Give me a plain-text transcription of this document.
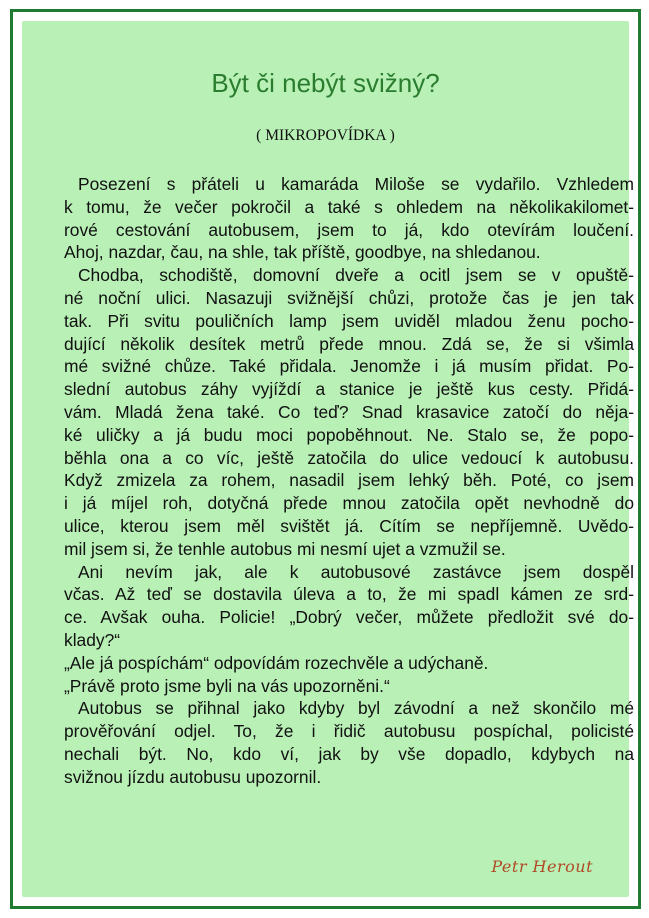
Být či nebýt svižný?
( MIKROPOVÍDKA )
Posezení s přáteli u kamaráda Miloše se vydařilo. Vzhledem
k tomu, že večer pokročil a také s ohledem na několikakilomet-
rové cestování autobusem, jsem to já, kdo otevírám loučení.
Ahoj, nazdar, čau, na shle, tak příště, goodbye, na shledanou.
Chodba, schodiště, domovní dveře a ocitl jsem se v opuště-
né noční ulici. Nasazuji svižnější chůzi, protože čas je jen tak
tak. Při svitu pouličních lamp jsem uviděl mladou ženu pocho-
dující několik desítek metrů přede mnou. Zdá se, že si všimla
mé svižné chůze. Také přidala. Jenomže i já musím přidat. Po-
slední autobus záhy vyjíždí a stanice je ještě kus cesty. Přidá-
vám. Mladá žena také. Co teď? Snad krasavice zatočí do něja-
ké uličky a já budu moci popoběhnout. Ne. Stalo se, že popo-
běhla ona a co víc, ještě zatočila do ulice vedoucí k autobusu.
Když zmizela za rohem, nasadil jsem lehký běh. Poté, co jsem
i já míjel roh, dotyčná přede mnou zatočila opět nevhodně do
ulice, kterou jsem měl svištět já. Cítím se nepříjemně. Uvědo-
mil jsem si, že tenhle autobus mi nesmí ujet a vzmužil se.
Ani nevím jak, ale k autobusové zastávce jsem dospěl
včas. Až teď se dostavila úleva a to, že mi spadl kámen ze srd-
ce. Avšak ouha. Policie! „Dobrý večer, můžete předložit své do-
klady?“
„Ale já pospíchám“ odpovídám rozechvěle a udýchaně.
„Právě proto jsme byli na vás upozorněni.“
Autobus se přihnal jako kdyby byl závodní a než skončilo mé
prověřování odjel. To, že i řidič autobusu pospíchal, policisté
nechali být. No, kdo ví, jak by vše dopadlo, kdybych na
svižnou jízdu autobusu upozornil.
Petr Herout
